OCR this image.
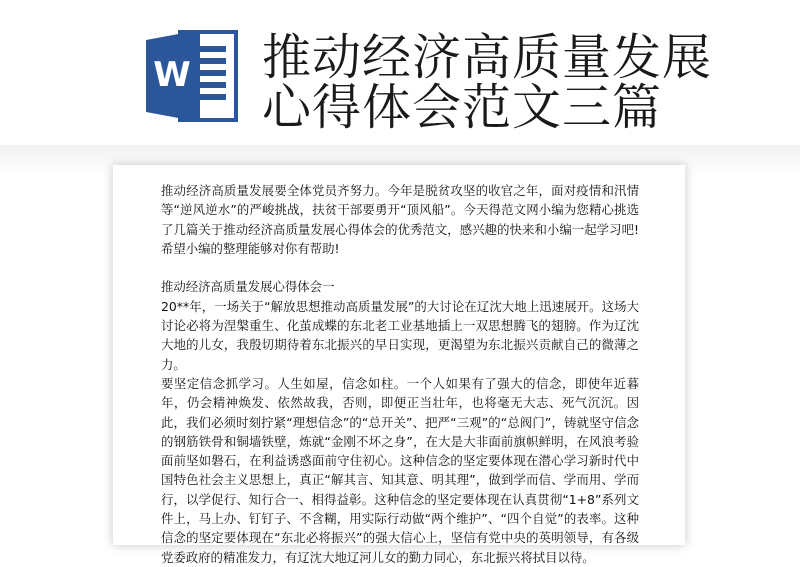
W 推动经济高质量发展
心得体会范文三篇

推动经济高质量发展要全体党员齐努力。今年是脱贫攻坚的收官之年，面对疫情和汛情等“逆风逆水”的严峻挑战，扶贫干部要勇开“顶风船”。今天得范文网小编为您精心挑选了几篇关于推动经济高质量发展心得体会的优秀范文，感兴趣的快来和小编一起学习吧!希望小编的整理能够对你有帮助!

推动经济高质量发展心得体会一

20**年，一场关于“解放思想推动高质量发展”的大讨论在辽沈大地上迅速展开。这场大讨论必将为涅槃重生、化茧成蝶的东北老工业基地插上一双思想腾飞的翅膀。作为辽沈大地的儿女，我殷切期待着东北振兴的早日实现，更渴望为东北振兴贡献自己的微薄之力。

要坚定信念抓学习。人生如屋，信念如柱。一个人如果有了强大的信念，即使年近暮年，仍会精神焕发、依然故我，否则，即便正当壮年，也将毫无大志、死气沉沉。因此，我们必须时刻拧紧“理想信念”的“总开关”、把严“三观”的“总阀门”，铸就坚守信念的钢筋铁骨和铜墙铁壁，炼就“金刚不坏之身”，在大是大非面前旗帜鲜明，在风浪考验面前坚如磐石，在利益诱惑面前守住初心。这种信念的坚定要体现在潜心学习新时代中国特色社会主义思想上，真正“解其言、知其意、明其理”，做到学而信、学而用、学而行，以学促行、知行合一、相得益彰。这种信念的坚定要体现在认真贯彻“1+8”系列文件上，马上办、钉钉子、不含糊，用实际行动做“两个维护”、“四个自觉”的表率。这种信念的坚定要体现在“东北必将振兴”的强大信心上，坚信有党中央的英明领导，有各级党委政府的精准发力，有辽沈大地辽河儿女的勤力同心，东北振兴将拭目以待。
